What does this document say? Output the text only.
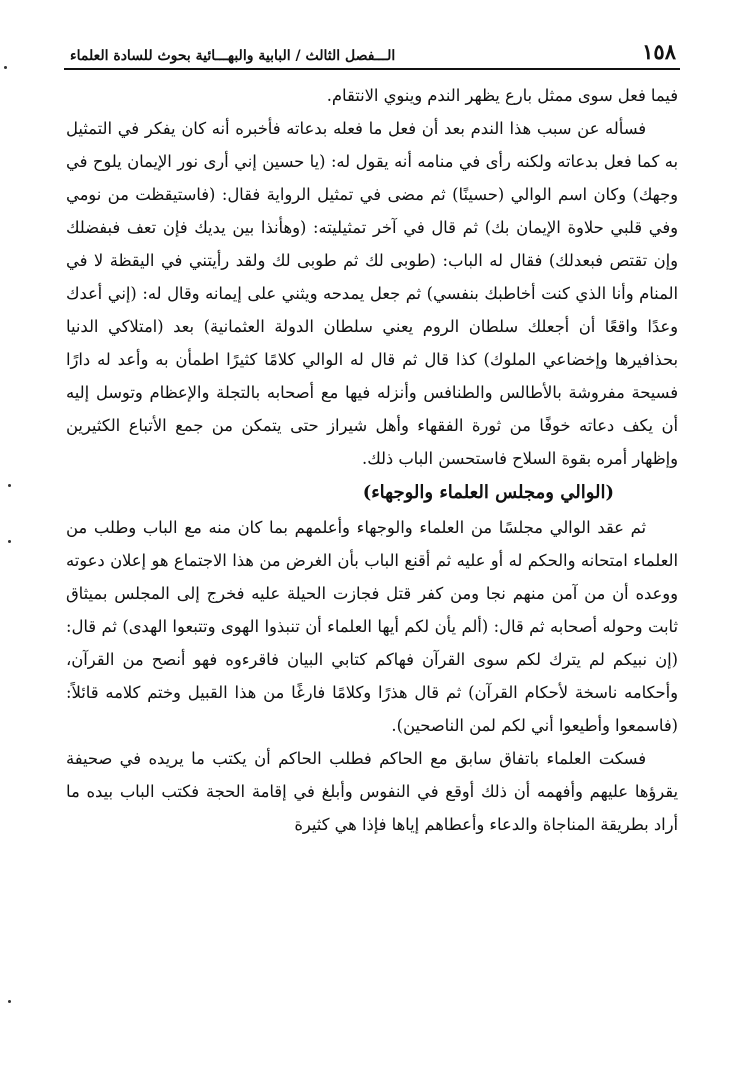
١٥٨
الـــفصل الثالث / البابية والبهـــائية بحوث للسادة العلماء

فيما فعل سوى ممثل بارع يظهر الندم وينوي الانتقام.

فسأله عن سبب هذا الندم بعد أن فعل ما فعله بدعاته فأخبره أنه كان يفكر في التمثيل به كما فعل بدعاته ولكنه رأى في منامه أنه يقول له: (يا حسين إني أرى نور الإيمان يلوح في وجهك) وكان اسم الوالي (حسينًا) ثم مضى في تمثيل الرواية فقال: (فاستيقظت من نومي وفي قلبي حلاوة الإيمان بك) ثم قال في آخر تمثيليته: (وهأنذا بين يديك فإن تعف فبفضلك وإن تقتص فبعدلك) فقال له الباب: (طوبى لك ثم طوبى لك ولقد رأيتني في اليقظة لا في المنام وأنا الذي كنت أخاطبك بنفسي) ثم جعل يمدحه ويثني على إيمانه وقال له: (إني أعدك وعدًا واقعًا أن أجعلك سلطان الروم يعني سلطان الدولة العثمانية) بعد (امتلاكي الدنيا بحذافيرها وإخضاعي الملوك) كذا قال ثم قال له الوالي كلامًا كثيرًا اطمأن به وأعد له دارًا فسيحة مفروشة بالأطالس والطنافس وأنزله فيها مع أصحابه بالتجلة والإعظام وتوسل إليه أن يكف دعاته خوفًا من ثورة الفقهاء وأهل شيراز حتى يتمكن من جمع الأتباع الكثيرين وإظهار أمره بقوة السلاح فاستحسن الباب ذلك.

(الوالي ومجلس العلماء والوجهاء)

ثم عقد الوالي مجلسًا من العلماء والوجهاء وأعلمهم بما كان منه مع الباب وطلب من العلماء امتحانه والحكم له أو عليه ثم أقنع الباب بأن الغرض من هذا الاجتماع هو إعلان دعوته ووعده أن من آمن منهم نجا ومن كفر قتل فجازت الحيلة عليه فخرج إلى المجلس بميثاق ثابت وحوله أصحابه ثم قال: (ألم يأن لكم أيها العلماء أن تنبذوا الهوى وتتبعوا الهدى) ثم قال: (إن نبيكم لم يترك لكم سوى القرآن فهاكم كتابي البيان فاقرءوه فهو أنصح من القرآن، وأحكامه ناسخة لأحكام القرآن) ثم قال هذرًا وكلامًا فارغًا من هذا القبيل وختم كلامه قائلاً: (فاسمعوا وأطيعوا أني لكم لمن الناصحين).

فسكت العلماء باتفاق سابق مع الحاكم فطلب الحاكم أن يكتب ما يريده في صحيفة يقرؤها عليهم وأفهمه أن ذلك أوقع في النفوس وأبلغ في إقامة الحجة فكتب الباب بيده ما أراد بطريقة المناجاة والدعاء وأعطاهم إياها فإذا هي كثيرة
